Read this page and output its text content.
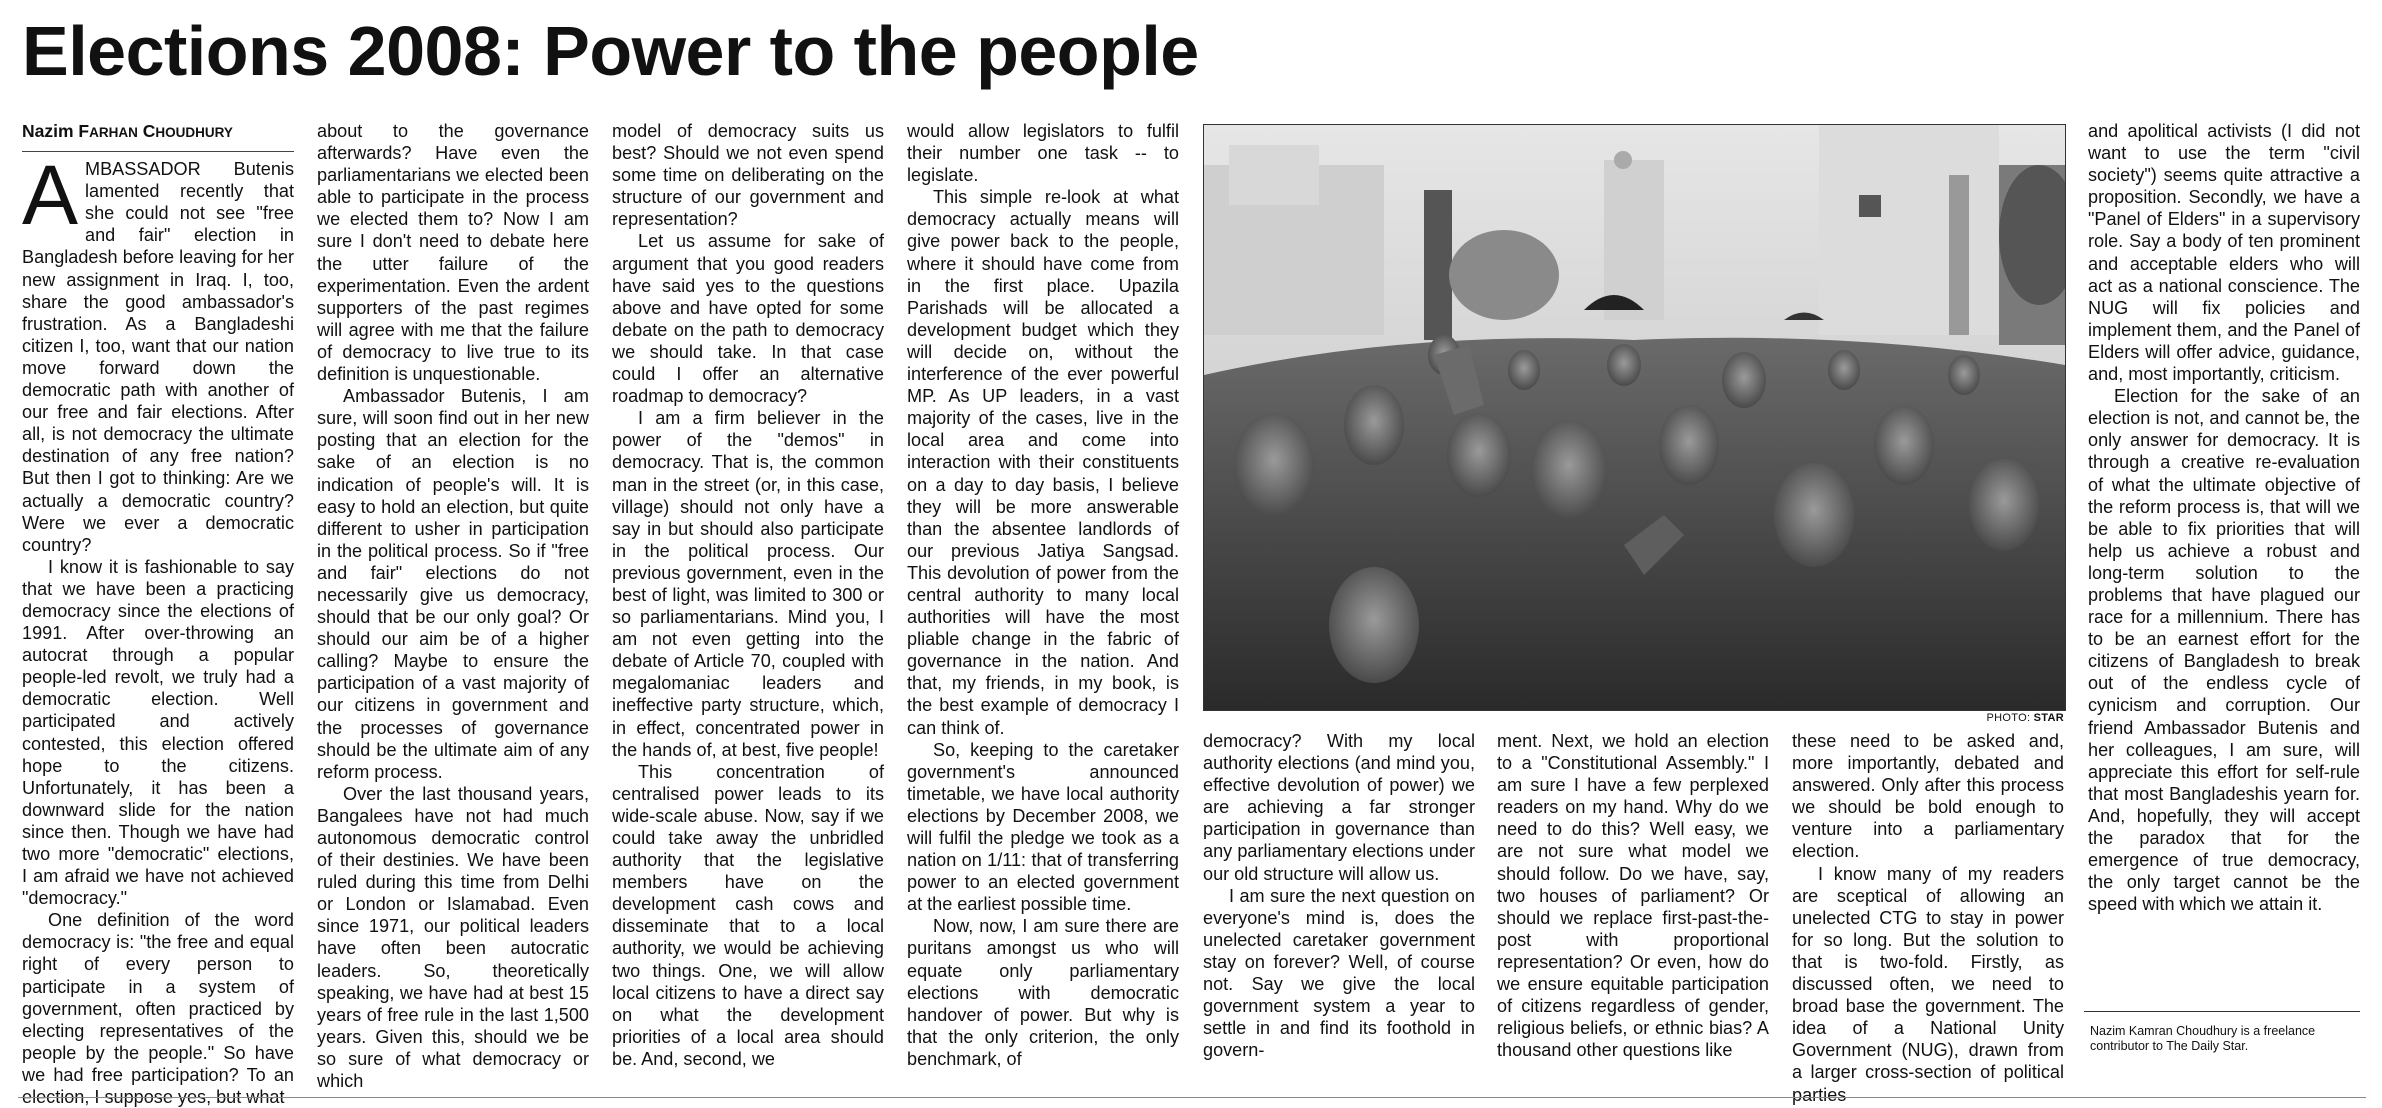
Elections 2008: Power to the people
Nazim FARHAN CHOUDHURY

AMBASSADOR Butenis lamented recently that she could not see "free and fair" election in Bangladesh before leaving for her new assignment in Iraq. I, too, share the good ambassador's frustration. As a Bangladeshi citizen I, too, want that our nation move forward down the democratic path with another of our free and fair elections. After all, is not democracy the ultimate destination of any free nation? But then I got to thinking: Are we actually a democratic country? Were we ever a democratic country?

I know it is fashionable to say that we have been a practicing democracy since the elections of 1991. After over-throwing an autocrat through a popular people-led revolt, we truly had a democratic election. Well participated and actively contested, this election offered hope to the citizens. Unfortunately, it has been a downward slide for the nation since then. Though we have had two more "democratic" elections, I am afraid we have not achieved "democracy."

One definition of the word democracy is: "the free and equal right of every person to participate in a system of government, often practiced by electing representatives of the people by the people." So have we had free participation? To an election, I suppose yes, but what

about to the governance afterwards? Have even the parliamentarians we elected been able to participate in the process we elected them to? Now I am sure I don't need to debate here the utter failure of the experimentation. Even the ardent supporters of the past regimes will agree with me that the failure of democracy to live true to its definition is unquestionable.

Ambassador Butenis, I am sure, will soon find out in her new posting that an election for the sake of an election is no indication of people's will. It is easy to hold an election, but quite different to usher in participation in the political process. So if "free and fair" elections do not necessarily give us democracy, should that be our only goal? Or should our aim be of a higher calling? Maybe to ensure the participation of a vast majority of our citizens in government and the processes of governance should be the ultimate aim of any reform process.

Over the last thousand years, Bangalees have not had much autonomous democratic control of their destinies. We have been ruled during this time from Delhi or London or Islamabad. Even since 1971, our political leaders have often been autocratic leaders. So, theoretically speaking, we have had at best 15 years of free rule in the last 1,500 years. Given this, should we be so sure of what democracy or which

model of democracy suits us best? Should we not even spend some time on deliberating on the structure of our government and representation?

Let us assume for sake of argument that you good readers have said yes to the questions above and have opted for some debate on the path to democracy we should take. In that case could I offer an alternative roadmap to democracy?

I am a firm believer in the power of the "demos" in democracy. That is, the common man in the street (or, in this case, village) should not only have a say in but should also participate in the political process. Our previous government, even in the best of light, was limited to 300 or so parliamentarians. Mind you, I am not even getting into the debate of Article 70, coupled with megalomaniac leaders and ineffective party structure, which, in effect, concentrated power in the hands of, at best, five people!

This concentration of centralised power leads to its wide-scale abuse. Now, say if we could take away the unbridled authority that the legislative members have on the development cash cows and disseminate that to a local authority, we would be achieving two things. One, we will allow local citizens to have a direct say on what the development priorities of a local area should be. And, second, we

would allow legislators to fulfil their number one task -- to legislate.

This simple re-look at what democracy actually means will give power back to the people, where it should have come from in the first place. Upazila Parishads will be allocated a development budget which they will decide on, without the interference of the ever powerful MP. As UP leaders, in a vast majority of the cases, live in the local area and come into interaction with their constituents on a day to day basis, I believe they will be more answerable than the absentee landlords of our previous Jatiya Sangsad. This devolution of power from the central authority to many local authorities will have the most pliable change in the fabric of governance in the nation. And that, my friends, in my book, is the best example of democracy I can think of.

So, keeping to the caretaker government's announced timetable, we have local authority elections by December 2008, we will fulfil the pledge we took as a nation on 1/11: that of transferring power to an elected government at the earliest possible time.

Now, now, I am sure there are puritans amongst us who will equate only parliamentary elections with democratic handover of power. But why is that the only criterion, the only benchmark, of

PHOTO: STAR

democracy? With my local authority elections (and mind you, effective devolution of power) we are achieving a far stronger participation in governance than any parliamentary elections under our old structure will allow us.

I am sure the next question on everyone's mind is, does the unelected caretaker government stay on forever? Well, of course not. Say we give the local government system a year to settle in and find its foothold in govern-

ment. Next, we hold an election to a "Constitutional Assembly." I am sure I have a few perplexed readers on my hand. Why do we need to do this? Well easy, we are not sure what model we should follow. Do we have, say, two houses of parliament? Or should we replace first-past-the-post with proportional representation? Or even, how do we ensure equitable participation of citizens regardless of gender, religious beliefs, or ethnic bias? A thousand other questions like

these need to be asked and, more importantly, debated and answered. Only after this process we should be bold enough to venture into a parliamentary election.

I know many of my readers are sceptical of allowing an unelected CTG to stay in power for so long. But the solution to that is two-fold. Firstly, as discussed often, we need to broad base the government. The idea of a National Unity Government (NUG), drawn from a larger cross-section of political parties

and apolitical activists (I did not want to use the term "civil society") seems quite attractive a proposition. Secondly, we have a "Panel of Elders" in a supervisory role. Say a body of ten prominent and acceptable elders who will act as a national conscience. The NUG will fix policies and implement them, and the Panel of Elders will offer advice, guidance, and, most importantly, criticism.

Election for the sake of an election is not, and cannot be, the only answer for democracy. It is through a creative re-evaluation of what the ultimate objective of the reform process is, that will we be able to fix priorities that will help us achieve a robust and long-term solution to the problems that have plagued our race for a millennium. There has to be an earnest effort for the citizens of Bangladesh to break out of the endless cycle of cynicism and corruption. Our friend Ambassador Butenis and her colleagues, I am sure, will appreciate this effort for self-rule that most Bangladeshis yearn for. And, hopefully, they will accept the paradox that for the emergence of true democracy, the only target cannot be the speed with which we attain it.

Nazim Kamran Choudhury is a freelance contributor to The Daily Star.
